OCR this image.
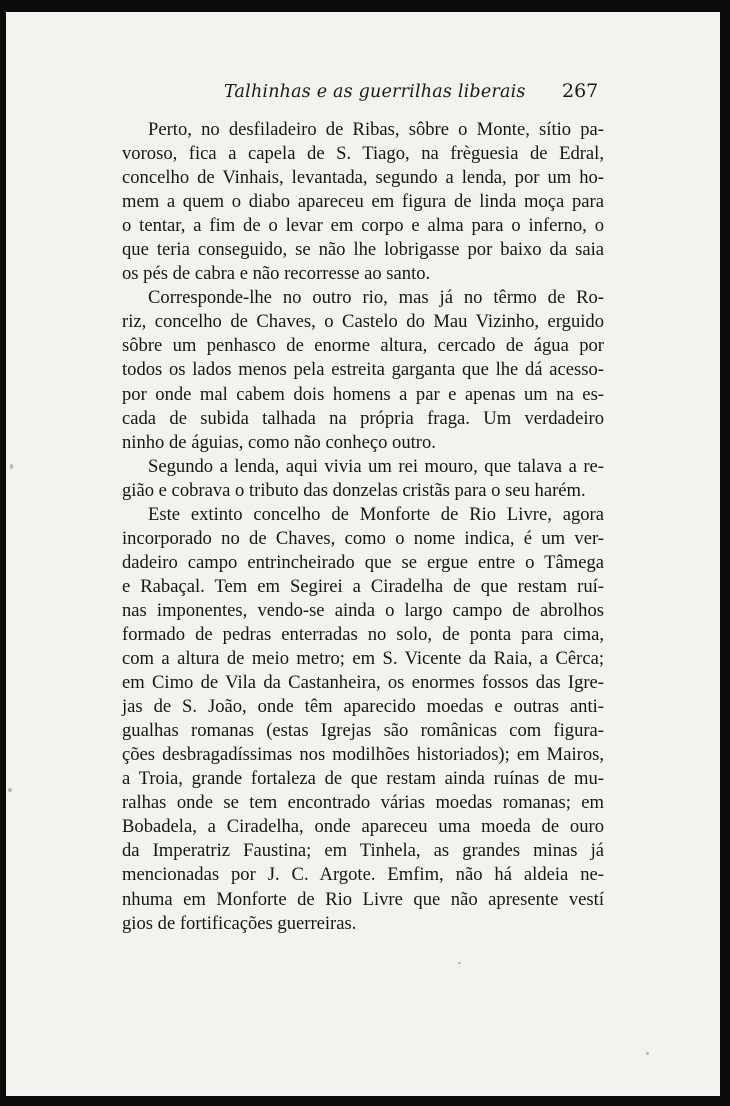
Talhinhas e as guerrilhas liberais 267
Perto, no desfiladeiro de Ribas, sôbre o Monte, sítio pa-
voroso, fica a capela de S. Tiago, na frèguesia de Edral,
concelho de Vinhais, levantada, segundo a lenda, por um ho-
mem a quem o diabo apareceu em figura de linda moça para
o tentar, a fim de o levar em corpo e alma para o inferno, o
que teria conseguido, se não lhe lobrigasse por baixo da saia
os pés de cabra e não recorresse ao santo.
Corresponde-lhe no outro rio, mas já no têrmo de Ro-
riz, concelho de Chaves, o Castelo do Mau Vizinho, erguido
sôbre um penhasco de enorme altura, cercado de água por
todos os lados menos pela estreita garganta que lhe dá acesso-
por onde mal cabem dois homens a par e apenas um na es-
cada de subida talhada na própria fraga. Um verdadeiro
ninho de águias, como não conheço outro.
Segundo a lenda, aqui vivia um rei mouro, que talava a re-
gião e cobrava o tributo das donzelas cristãs para o seu harém.
Este extinto concelho de Monforte de Rio Livre, agora
incorporado no de Chaves, como o nome indica, é um ver-
dadeiro campo entrincheirado que se ergue entre o Tâmega
e Rabaçal. Tem em Segirei a Ciradelha de que restam ruí-
nas imponentes, vendo-se ainda o largo campo de abrolhos
formado de pedras enterradas no solo, de ponta para cima,
com a altura de meio metro; em S. Vicente da Raia, a Cêrca;
em Cimo de Vila da Castanheira, os enormes fossos das Igre-
jas de S. João, onde têm aparecido moedas e outras anti-
gualhas romanas (estas Igrejas são românicas com figura-
ções desbragadíssimas nos modilhões historiados); em Mairos,
a Troia, grande fortaleza de que restam ainda ruínas de mu-
ralhas onde se tem encontrado várias moedas romanas; em
Bobadela, a Ciradelha, onde apareceu uma moeda de ouro
da Imperatriz Faustina; em Tinhela, as grandes minas já
mencionadas por J. C. Argote. Emfim, não há aldeia ne-
nhuma em Monforte de Rio Livre que não apresente vestí
gios de fortificações guerreiras.
